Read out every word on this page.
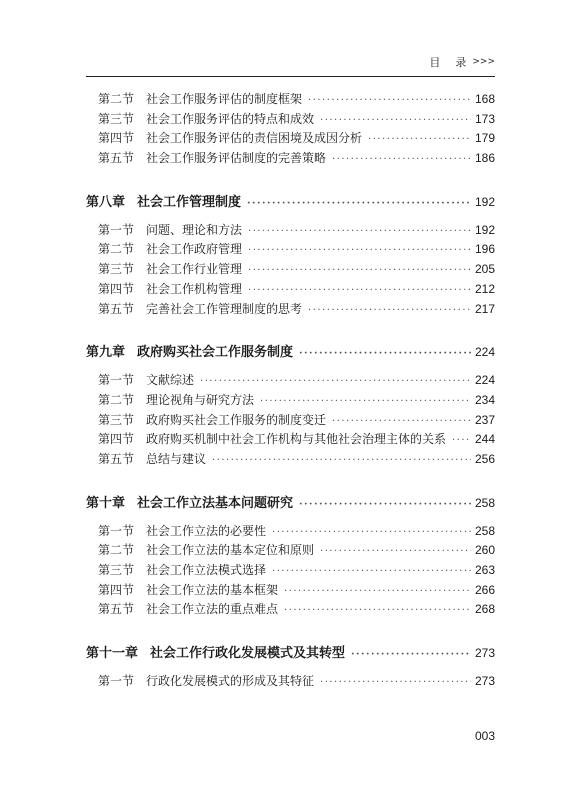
目　录 >>>
第二节 社会工作服务评估的制度框架 ·····	168
第三节 社会工作服务评估的特点和成效 ·····	173
第四节 社会工作服务评估的责信困境及成因分析 ·····	179
第五节 社会工作服务评估制度的完善策略 ·····	186
第八章 社会工作管理制度 ·····	192
第一节 问题、理论和方法 ·····	192
第二节 社会工作政府管理 ·····	196
第三节 社会工作行业管理 ·····	205
第四节 社会工作机构管理 ·····	212
第五节 完善社会工作管理制度的思考 ·····	217
第九章 政府购买社会工作服务制度 ·····	224
第一节 文献综述 ·····	224
第二节 理论视角与研究方法 ·····	234
第三节 政府购买社会工作服务的制度变迁 ·····	237
第四节 政府购买机制中社会工作机构与其他社会治理主体的关系 ····· 244
第五节 总结与建议 ·····	256
第十章 社会工作立法基本问题研究 ·····	258
第一节 社会工作立法的必要性 ·····	258
第二节 社会工作立法的基本定位和原则 ·····	260
第三节 社会工作立法模式选择 ·····	263
第四节 社会工作立法的基本框架 ·····	266
第五节 社会工作立法的重点难点 ·····	268
第十一章 社会工作行政化发展模式及其转型 ·····	273
第一节 行政化发展模式的形成及其特征 ·····	273
003
